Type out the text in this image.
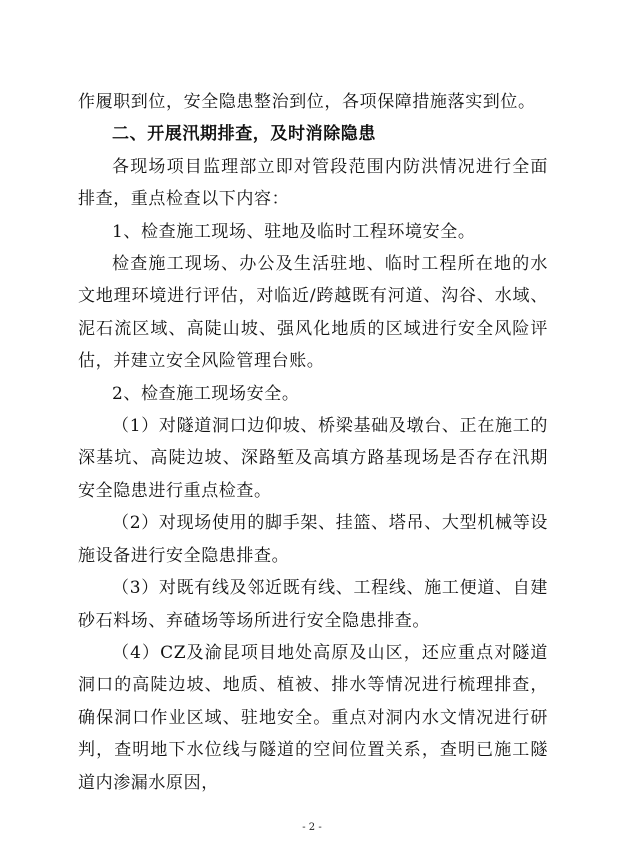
作履职到位，安全隐患整治到位，各项保障措施落实到位。

二、开展汛期排查，及时消除隐患

各现场项目监理部立即对管段范围内防洪情况进行全面排查，重点检查以下内容：

1、检查施工现场、驻地及临时工程环境安全。

检查施工现场、办公及生活驻地、临时工程所在地的水文地理环境进行评估，对临近/跨越既有河道、沟谷、水域、泥石流区域、高陡山坡、强风化地质的区域进行安全风险评估，并建立安全风险管理台账。

2、检查施工现场安全。

（1）对隧道洞口边仰坡、桥梁基础及墩台、正在施工的深基坑、高陡边坡、深路堑及高填方路基现场是否存在汛期安全隐患进行重点检查。

（2）对现场使用的脚手架、挂篮、塔吊、大型机械等设施设备进行安全隐患排查。

（3）对既有线及邻近既有线、工程线、施工便道、自建砂石料场、弃碴场等场所进行安全隐患排查。

（4）CZ及渝昆项目地处高原及山区，还应重点对隧道洞口的高陡边坡、地质、植被、排水等情况进行梳理排查，确保洞口作业区域、驻地安全。重点对洞内水文情况进行研判，查明地下水位线与隧道的空间位置关系，查明已施工隧道内渗漏水原因，

- 2 -
